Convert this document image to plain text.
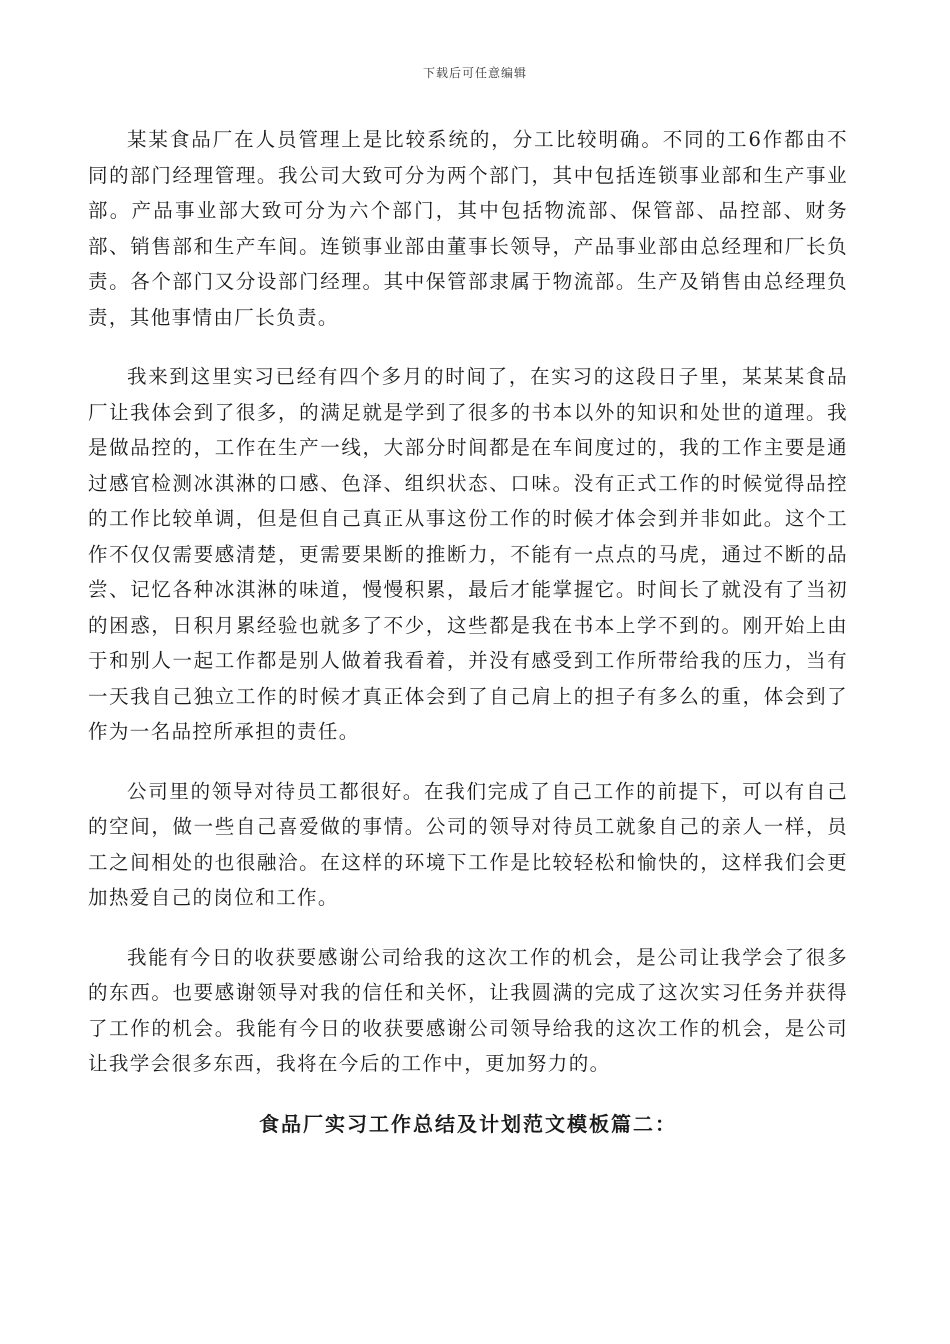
下载后可任意编辑

某某食品厂在人员管理上是比较系统的，分工比较明确。不同的工6作都由不同的部门经理管理。我公司大致可分为两个部门，其中包括连锁事业部和生产事业部。产品事业部大致可分为六个部门，其中包括物流部、保管部、品控部、财务部、销售部和生产车间。连锁事业部由董事长领导，产品事业部由总经理和厂长负责。各个部门又分设部门经理。其中保管部隶属于物流部。生产及销售由总经理负责，其他事情由厂长负责。

我来到这里实习已经有四个多月的时间了，在实习的这段日子里，某某某食品厂让我体会到了很多，的满足就是学到了很多的书本以外的知识和处世的道理。我是做品控的，工作在生产一线，大部分时间都是在车间度过的，我的工作主要是通过感官检测冰淇淋的口感、色泽、组织状态、口味。没有正式工作的时候觉得品控的工作比较单调，但是但自己真正从事这份工作的时候才体会到并非如此。这个工作不仅仅需要感清楚，更需要果断的推断力，不能有一点点的马虎，通过不断的品尝、记忆各种冰淇淋的味道，慢慢积累，最后才能掌握它。时间长了就没有了当初的困惑，日积月累经验也就多了不少，这些都是我在书本上学不到的。刚开始上由于和别人一起工作都是别人做着我看着，并没有感受到工作所带给我的压力，当有一天我自己独立工作的时候才真正体会到了自己肩上的担子有多么的重，体会到了作为一名品控所承担的责任。

公司里的领导对待员工都很好。在我们完成了自己工作的前提下，可以有自己的空间，做一些自己喜爱做的事情。公司的领导对待员工就象自己的亲人一样，员工之间相处的也很融洽。在这样的环境下工作是比较轻松和愉快的，这样我们会更加热爱自己的岗位和工作。

我能有今日的收获要感谢公司给我的这次工作的机会，是公司让我学会了很多的东西。也要感谢领导对我的信任和关怀，让我圆满的完成了这次实习任务并获得了工作的机会。我能有今日的收获要感谢公司领导给我的这次工作的机会，是公司让我学会很多东西，我将在今后的工作中，更加努力的。

食品厂实习工作总结及计划范文模板篇二：
